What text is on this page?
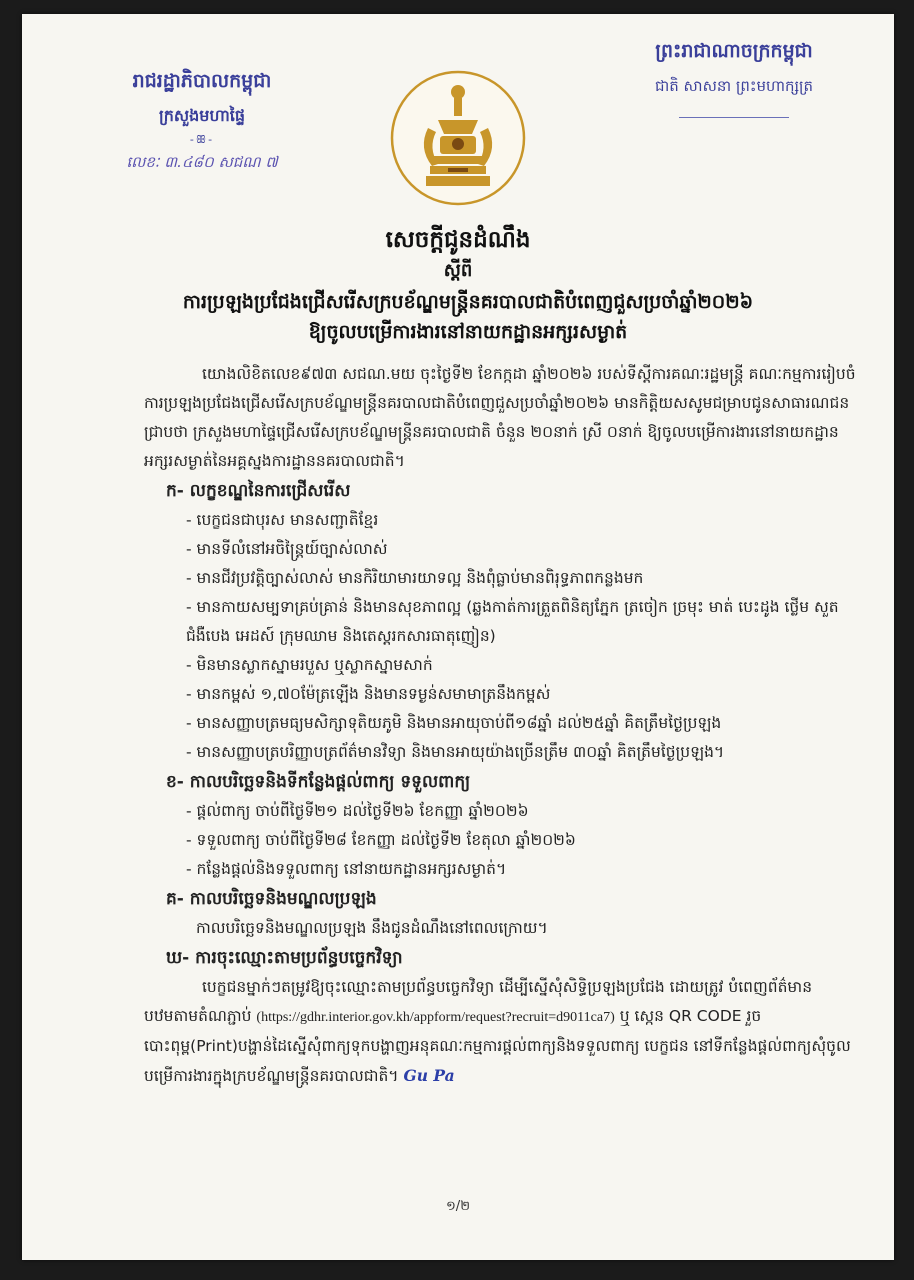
រាជរដ្ឋាភិបាលកម្ពុជា
ក្រសួងមហាផ្ទៃ
-ꕥ-
លេខៈ ៣.៤៨០ សជណ ៧
ព្រះរាជាណាចក្រកម្ពុជា
ជាតិ សាសនា ព្រះមហាក្សត្រ
សេចក្តីជូនដំណឹង
ស្តីពី
ការប្រឡងប្រជែងជ្រើសរើសក្របខ័ណ្ឌមន្ត្រីនគរបាលជាតិបំពេញជួសប្រចាំឆ្នាំ២០២៦
ឱ្យចូលបម្រើការងារនៅនាយកដ្ឋានអក្សរសម្ងាត់
យោងលិខិតលេខ៩៧៣ សជណ.មយ ចុះថ្ងៃទី២ ខែកក្កដា ឆ្នាំ២០២៦ របស់ទីស្តីការគណៈរដ្ឋមន្ត្រី គណៈកម្មការរៀបចំការប្រឡងប្រជែងជ្រើសរើសក្របខ័ណ្ឌមន្ត្រីនគរបាលជាតិបំពេញជួសប្រចាំឆ្នាំ២០២៦ មានកិត្តិយសសូមជម្រាបជូនសាធារណជនជ្រាបថា ក្រសួងមហាផ្ទៃជ្រើសរើសក្របខ័ណ្ឌមន្ត្រីនគរបាលជាតិ ចំនួន ២០នាក់ ស្រី ០នាក់ ឱ្យចូលបម្រើការងារនៅនាយកដ្ឋានអក្សរសម្ងាត់នៃអគ្គស្នងការដ្ឋាននគរបាលជាតិ។
ក- លក្ខខណ្ឌនៃការជ្រើសរើស
- បេក្ខជនជាបុរស មានសញ្ជាតិខ្មែរ
- មានទីលំនៅអចិន្ត្រៃយ៍ច្បាស់លាស់
- មានជីវប្រវត្តិច្បាស់លាស់ មានកិរិយាមារយាទល្អ និងពុំធ្លាប់មានពិរុទ្ធភាពកន្លងមក
- មានកាយសម្បទាគ្រប់គ្រាន់ និងមានសុខភាពល្អ (ឆ្លងកាត់ការត្រួតពិនិត្យភ្នែក ត្រចៀក ច្រមុះ មាត់ បេះដូង ថ្លើម សួត ជំងឺបេង អេដស៍ ក្រុមឈាម និងតេស្តរកសារធាតុញៀន)
- មិនមានស្លាកស្នាមរបួស ឬស្លាកស្នាមសាក់
- មានកម្ពស់ ១,៧០ម៉ែត្រឡើង និងមានទម្ងន់សមាមាត្រនឹងកម្ពស់
- មានសញ្ញាបត្រមធ្យមសិក្សាទុតិយភូមិ និងមានអាយុចាប់ពី១៨ឆ្នាំ ដល់២៥ឆ្នាំ គិតត្រឹមថ្ងៃប្រឡង
- មានសញ្ញាបត្របរិញ្ញាបត្រព័ត៌មានវិទ្យា និងមានអាយុយ៉ាងច្រើនត្រឹម ៣០ឆ្នាំ គិតត្រឹមថ្ងៃប្រឡង។
ខ- កាលបរិច្ឆេទនិងទីកន្លែងផ្តល់ពាក្យ ទទួលពាក្យ
- ផ្តល់ពាក្យ ចាប់ពីថ្ងៃទី២១ ដល់ថ្ងៃទី២៦ ខែកញ្ញា ឆ្នាំ២០២៦
- ទទួលពាក្យ ចាប់ពីថ្ងៃទី២៨ ខែកញ្ញា ដល់ថ្ងៃទី២ ខែតុលា ឆ្នាំ២០២៦
- កន្លែងផ្តល់និងទទួលពាក្យ នៅនាយកដ្ឋានអក្សរសម្ងាត់។
គ- កាលបរិច្ឆេទនិងមណ្ឌលប្រឡង
កាលបរិច្ឆេទនិងមណ្ឌលប្រឡង នឹងជូនដំណឹងនៅពេលក្រោយ។
ឃ- ការចុះឈ្មោះតាមប្រព័ន្ធបច្ចេកវិទ្យា
បេក្ខជនម្នាក់ៗតម្រូវឱ្យចុះឈ្មោះតាមប្រព័ន្ធបច្ចេកវិទ្យា ដើម្បីស្នើសុំសិទ្ធិប្រឡងប្រជែង ដោយត្រូវ បំពេញព័ត៌មានបឋមតាមតំណភ្ជាប់ (https://gdhr.interior.gov.kh/appform/request?recruit=d9011ca7) ឬ ស្កេន QR CODE រួចបោះពុម្ព(Print)បង្ហាន់ដៃស្នើសុំពាក្យទុកបង្ហាញអនុគណៈកម្មការផ្តល់ពាក្យនិងទទួលពាក្យ បេក្ខជន នៅទីកន្លែងផ្តល់ពាក្យសុំចូលបម្រើការងារក្នុងក្របខ័ណ្ឌមន្ត្រីនគរបាលជាតិ។ Gu Pa
១/២
